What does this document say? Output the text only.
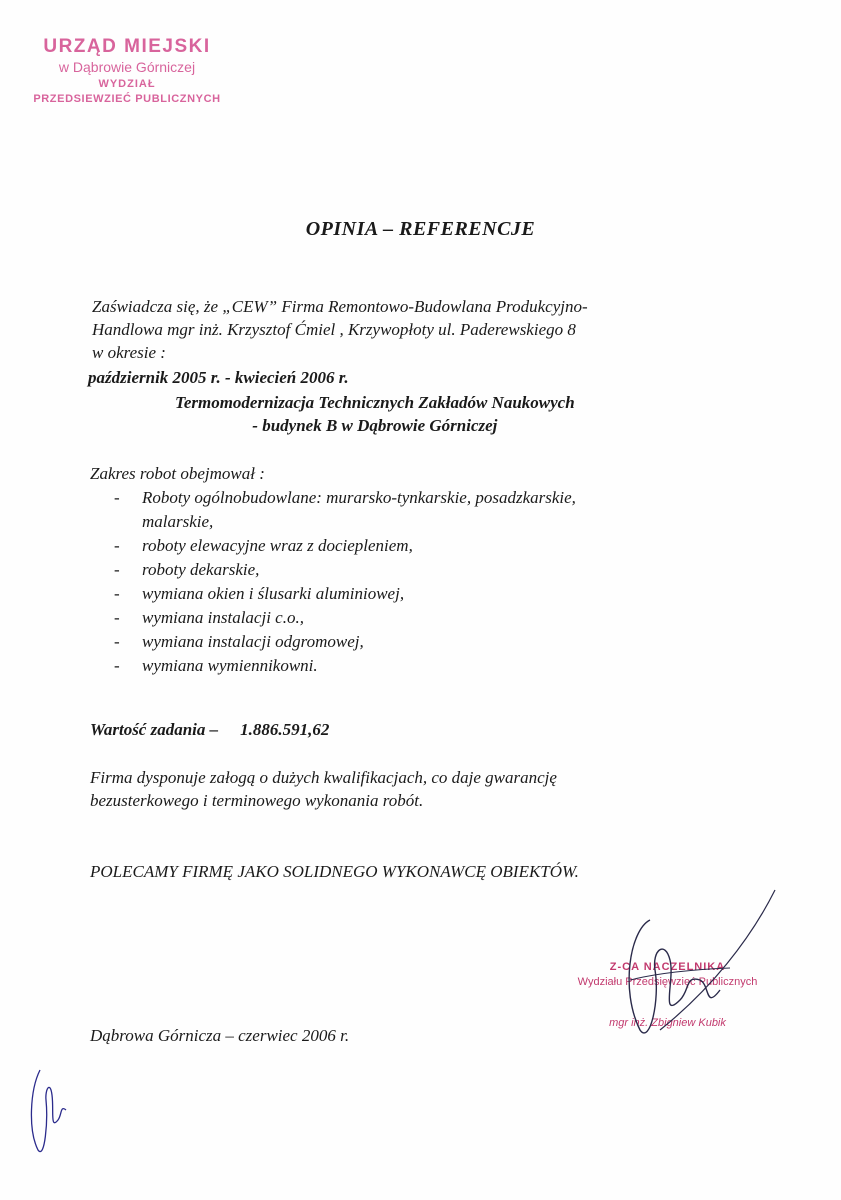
URZĄD MIEJSKI
w Dąbrowie Górniczej
WYDZIAŁ
PRZEDSIEWZIEĆ PUBLICZNYCH
OPINIA – REFERENCJE
Zaświadcza się, że „CEW” Firma Remontowo-Budowlana Produkcyjno-
Handlowa mgr inż. Krzysztof Ćmiel , Krzywopłoty ul. Paderewskiego 8
w okresie :
październik 2005 r. - kwiecień 2006 r.
Termomodernizacja Technicznych Zakładów Naukowych
- budynek B w Dąbrowie Górniczej
Zakres robot obejmował :
- Roboty ogólnobudowlane: murarsko-tynkarskie, posadzkarskie,
malarskie,
- roboty elewacyjne wraz z dociepleniem,
- roboty dekarskie,
- wymiana okien i ślusarki aluminiowej,
- wymiana instalacji c.o.,
- wymiana instalacji odgromowej,
- wymiana wymiennikowni.
Wartość zadania – 1.886.591,62
Firma dysponuje załogą o dużych kwalifikacjach, co daje gwarancję
bezusterkowego i terminowego wykonania robót.
POLECAMY FIRMĘ JAKO SOLIDNEGO WYKONAWCĘ OBIEKTÓW.
Dąbrowa Górnicza – czerwiec 2006 r.
Z-CA NACZELNIKA
Wydziału Przedsięwzięć Publicznych
mgr inż. Zbigniew Kubik
